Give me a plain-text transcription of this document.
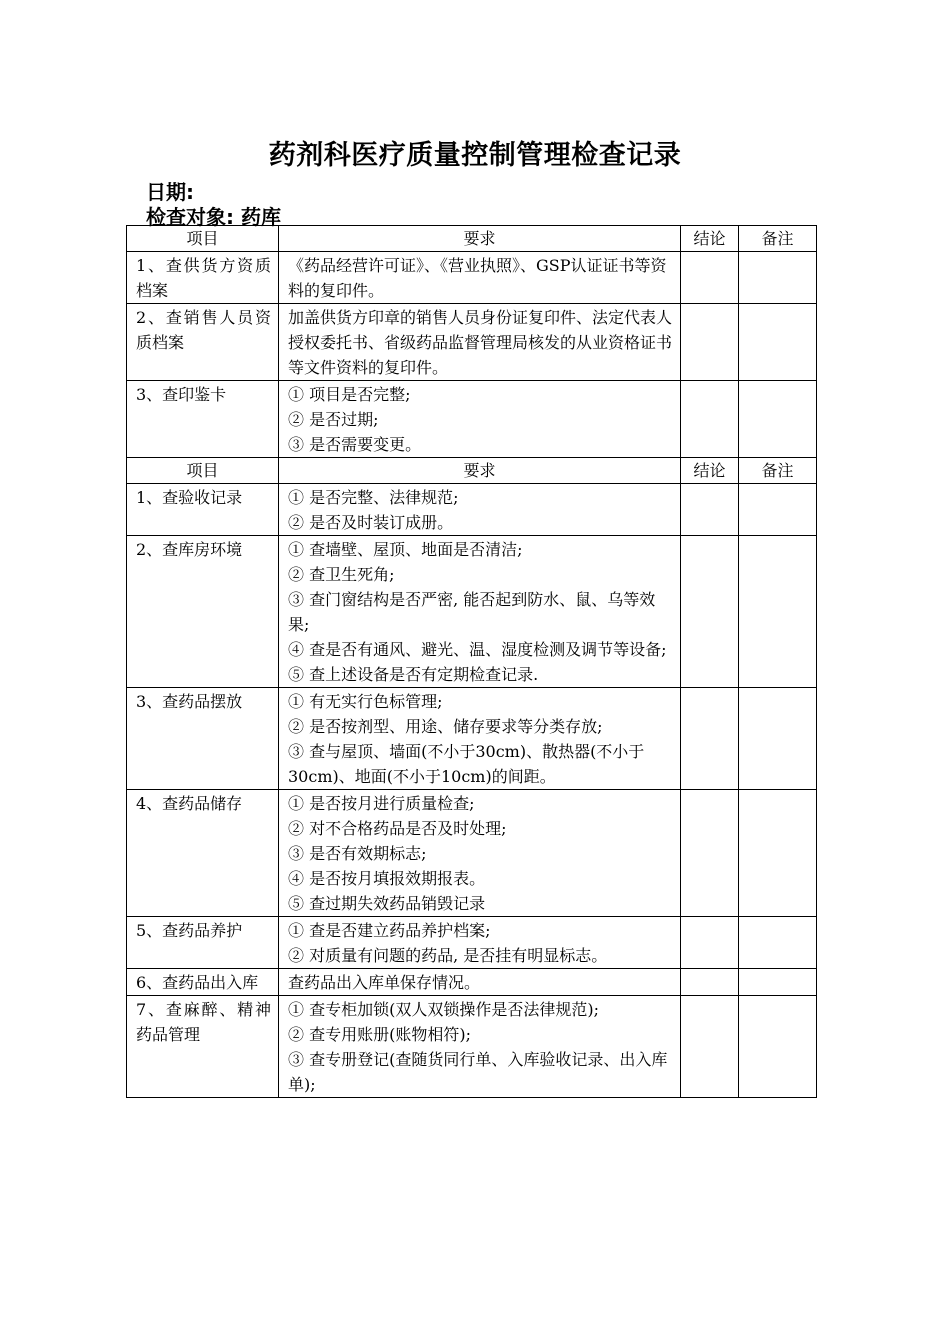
药剂科医疗质量控制管理检查记录
日期:
检查对象: 药库
项目	要求	结论	备注
1、查供货方资质档案	《药品经营许可证》、《营业执照》、GSP认证证书等资料的复印件。		

2、查销售人员资质档案	加盖供货方印章的销售人员身份证复印件、法定代表人授权委托书、省级药品监督管理局核发的从业资格证书等文件资料的复印件。		

3、查印鉴卡	① 项目是否完整;
② 是否过期;
③ 是否需要变更。		

项目	要求	结论	备注
1、查验收记录	① 是否完整、法律规范;
② 是否及时装订成册。		

2、查库房环境	① 查墙壁、屋顶、地面是否清洁;
② 查卫生死角;
③ 查门窗结构是否严密, 能否起到防水、鼠、乌等效果;
④ 查是否有通风、避光、温、湿度检测及调节等设备;
⑤ 查上述设备是否有定期检查记录.		

3、查药品摆放	① 有无实行色标管理;
② 是否按剂型、用途、储存要求等分类存放;
③ 查与屋顶、墙面(不小于30cm)、散热器(不小于30cm)、地面(不小于10cm)的间距。		

4、查药品储存	① 是否按月进行质量检查;
② 对不合格药品是否及时处理;
③ 是否有效期标志;
④ 是否按月填报效期报表。
⑤ 查过期失效药品销毁记录		

5、查药品养护	① 查是否建立药品养护档案;
② 对质量有问题的药品, 是否挂有明显标志。		

6、查药品出入库	查药品出入库单保存情况。		

7、查麻醉、精神药品管理	① 查专柜加锁(双人双锁操作是否法律规范);
② 查专用账册(账物相符);
③ 查专册登记(查随货同行单、入库验收记录、出入库单);		
